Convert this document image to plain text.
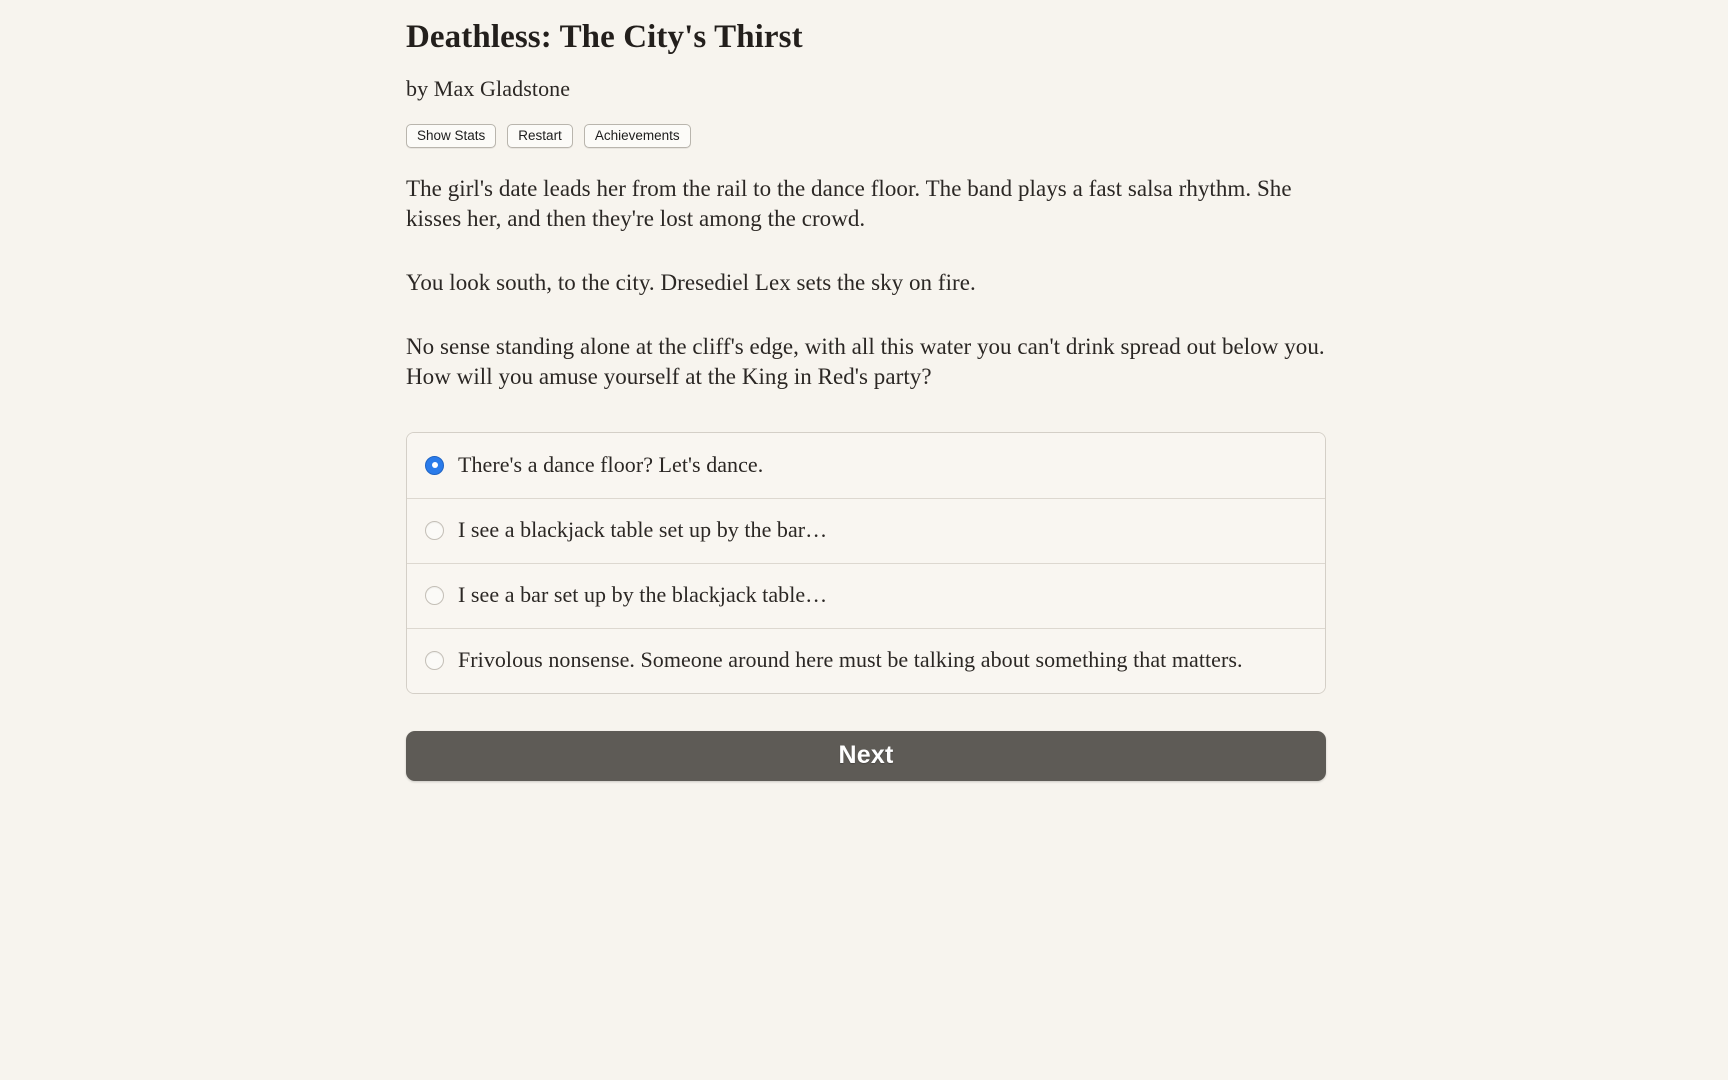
Deathless: The City's Thirst
by Max Gladstone
Show Stats	Restart	Achievements

The girl's date leads her from the rail to the dance floor. The band plays a fast salsa rhythm. She kisses her, and then they're lost among the crowd.

You look south, to the city. Dresediel Lex sets the sky on fire.

No sense standing alone at the cliff's edge, with all this water you can't drink spread out below you. How will you amuse yourself at the King in Red's party?

There's a dance floor? Let's dance.
I see a blackjack table set up by the bar…
I see a bar set up by the blackjack table…
Frivolous nonsense. Someone around here must be talking about something that matters.
Next
